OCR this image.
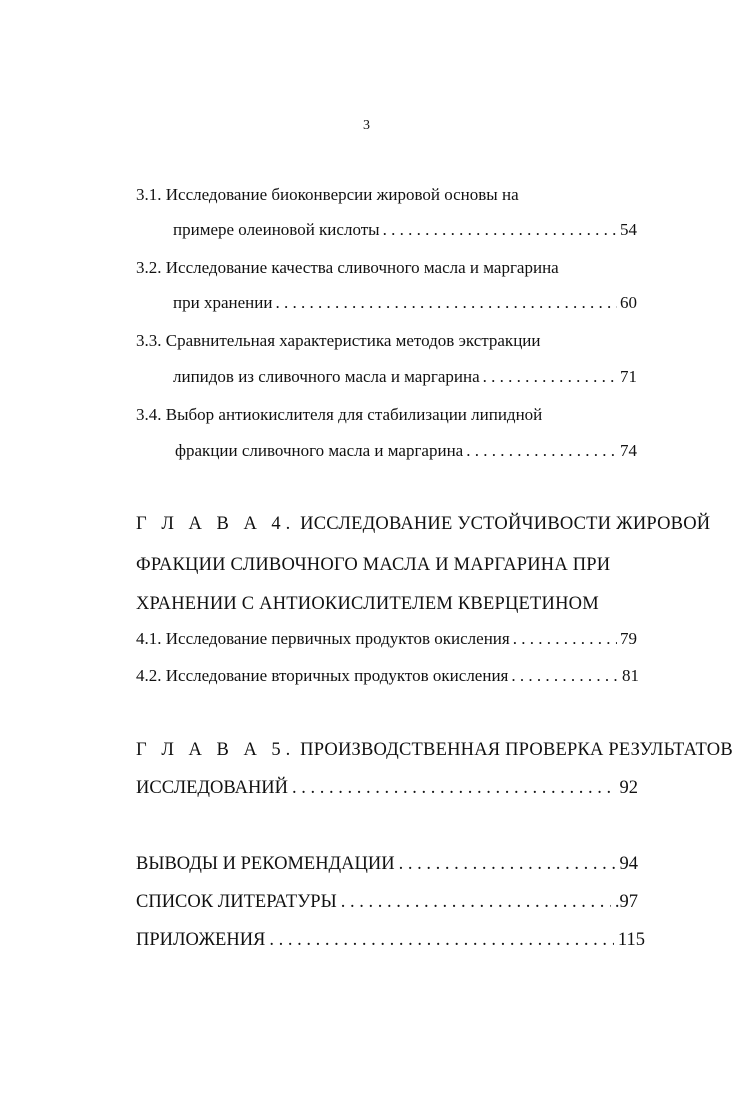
3
3.1. Исследование биоконверсии жировой основы на
примере олеиновой кислоты . . .	54
3.2. Исследование качества сливочного масла и маргарина
при хранении . . .	60
3.3. Сравнительная характеристика методов экстракции
липидов из сливочного масла и маргарина . . .	71
3.4. Выбор антиокислителя для стабилизации липидной
фракции сливочного масла и маргарина . . .	74
Г Л А В А 4. ИССЛЕДОВАНИЕ УСТОЙЧИВОСТИ ЖИРОВОЙ
ФРАКЦИИ СЛИВОЧНОГО МАСЛА И МАРГАРИНА ПРИ
ХРАНЕНИИ С АНТИОКИСЛИТЕЛЕМ КВЕРЦЕТИНОМ
4.1. Исследование первичных продуктов окисления . . .	79
4.2. Исследование вторичных продуктов окисления . . .	81
Г Л А В А 5. ПРОИЗВОДСТВЕННАЯ ПРОВЕРКА РЕЗУЛЬТАТОВ
ИССЛЕДОВАНИЙ . . .	92
ВЫВОДЫ И РЕКОМЕНДАЦИИ . . .	94
СПИСОК ЛИТЕРАТУРЫ . . .	.97
ПРИЛОЖЕНИЯ . . .	115
